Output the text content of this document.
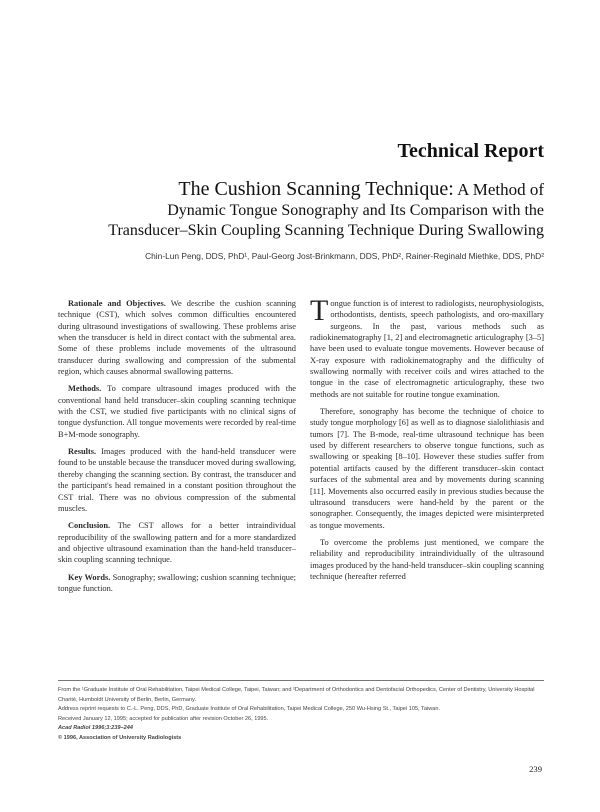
Technical Report
The Cushion Scanning Technique: A Method of
Dynamic Tongue Sonography and Its Comparison with the
Transducer–Skin Coupling Scanning Technique During Swallowing
Chin-Lun Peng, DDS, PhD¹, Paul-Georg Jost-Brinkmann, DDS, PhD², Rainer-Reginald Miethke, DDS, PhD²

Rationale and Objectives. We describe the cushion scanning technique (CST), which solves common difficulties encountered during ultrasound investigations of swallowing. These problems arise when the transducer is held in direct contact with the submental area. Some of these problems include movements of the ultrasound transducer during swallowing and compression of the submental region, which causes abnormal swallowing patterns.

Methods. To compare ultrasound images produced with the conventional hand held transducer–skin coupling scanning technique with the CST, we studied five participants with no clinical signs of tongue dysfunction. All tongue movements were recorded by real-time B+M-mode sonography.

Results. Images produced with the hand-held transducer were found to be unstable because the transducer moved during swallowing, thereby changing the scanning section. By contrast, the transducer and the participant's head remained in a constant position throughout the CST trial. There was no obvious compression of the submental muscles.

Conclusion. The CST allows for a better intraindividual reproducibility of the swallowing pattern and for a more standardized and objective ultrasound examination than the hand-held transducer–skin coupling scanning technique.

Key Words. Sonography; swallowing; cushion scanning technique; tongue function.

Tongue function is of interest to radiologists, neurophysiologists, orthodontists, dentists, speech pathologists, and oro-maxillary surgeons. In the past, various methods such as radiokinematography [1, 2] and electromagnetic articulography [3–5] have been used to evaluate tongue movements. However because of X-ray exposure with radiokinematography and the difficulty of swallowing normally with receiver coils and wires attached to the tongue in the case of electromagnetic articulography, these two methods are not suitable for routine tongue examination.

Therefore, sonography has become the technique of choice to study tongue morphology [6] as well as to diagnose sialolithiasis and tumors [7]. The B-mode, real-time ultrasound technique has been used by different researchers to observe tongue functions, such as swallowing or speaking [8–10]. However these studies suffer from potential artifacts caused by the different transducer–skin contact surfaces of the submental area and by movements during scanning [11]. Movements also occurred easily in previous studies because the ultrasound transducers were hand-held by the parent or the sonographer. Consequently, the images depicted were misinterpreted as tongue movements.

To overcome the problems just mentioned, we compare the reliability and reproducibility intraindividually of the ultrasound images produced by the hand-held transducer–skin coupling scanning technique (hereafter referred

From the ¹Graduate Institute of Oral Rehabilitation, Taipei Medical College, Taipei, Taiwan; and ²Department of Orthodontics and Dentofacial Orthopedics, Center of Dentistry, University Hospital Charité, Humboldt University of Berlin, Berlin, Germany.
Address reprint requests to C.-L. Peng, DDS, PhD, Graduate Institute of Oral Rehabilitation, Taipei Medical College, 250 Wu-Hsing St., Taipei 105, Taiwan.
Received January 12, 1995; accepted for publication after revision October 26, 1995.
Acad Radiol 1996;3:239–244
© 1996, Association of University Radiologists
239
